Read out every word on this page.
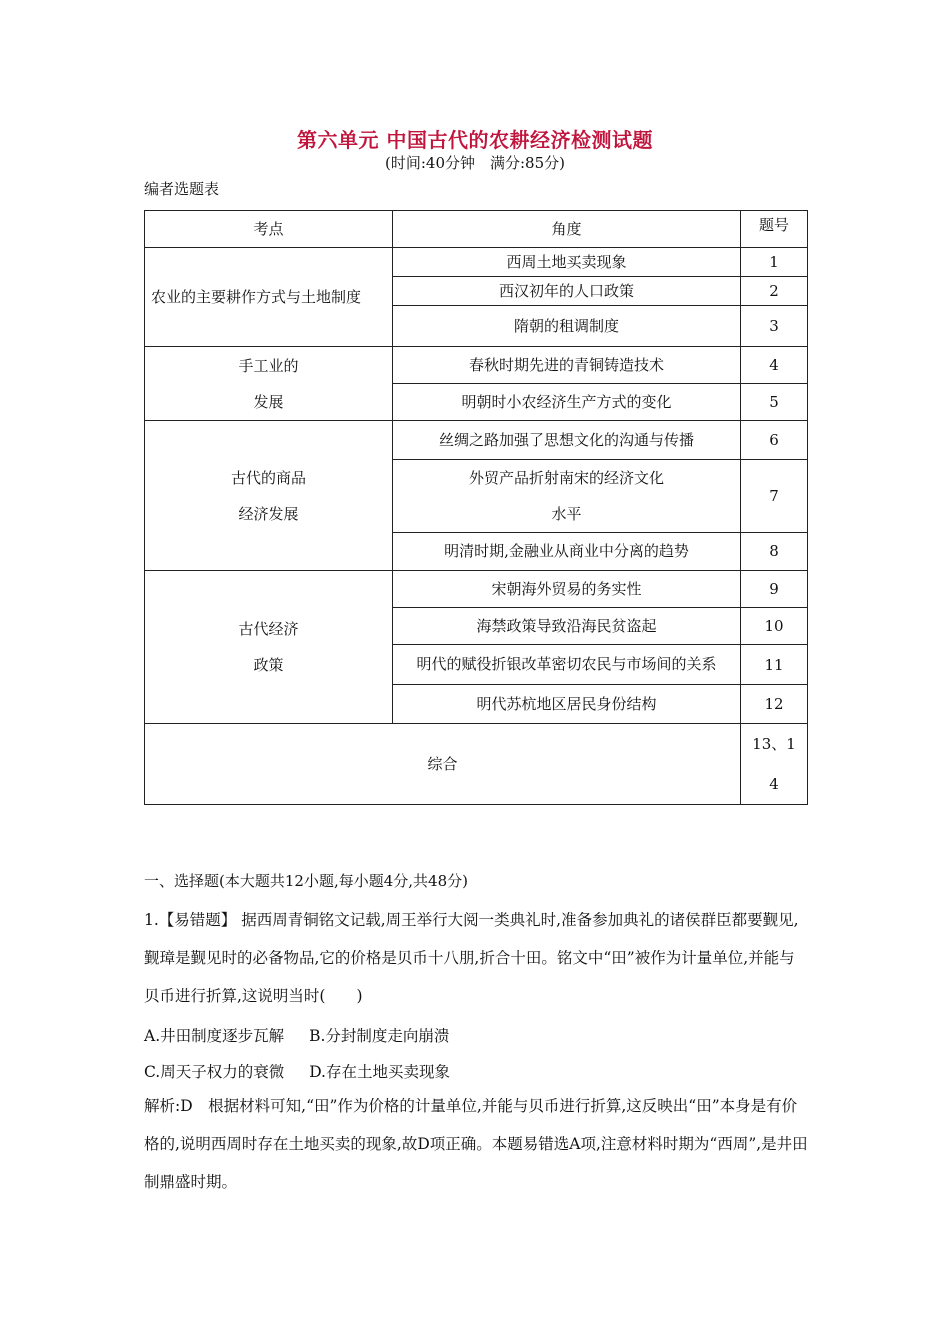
第六单元 中国古代的农耕经济检测试题
(时间:40分钟　满分:85分)
编者选题表
考点	角度	题号
农业的主要耕作方式与土地制度	西周土地买卖现象	1
	西汉初年的人口政策	2
	隋朝的租调制度	3
手工业的
发展	春秋时期先进的青铜铸造技术	4
	明朝时小农经济生产方式的变化	5
古代的商品
经济发展	丝绸之路加强了思想文化的沟通与传播	6
	外贸产品折射南宋的经济文化
水平	7
	明清时期,金融业从商业中分离的趋势	8
古代经济
政策	宋朝海外贸易的务实性	9
	海禁政策导致沿海民贫盗起	10
	明代的赋役折银改革密切农民与市场间的关系	11
	明代苏杭地区居民身份结构	12
综合		13、14
一、选择题(本大题共12小题,每小题4分,共48分)
1.【易错题】 据西周青铜铭文记载,周王举行大阅一类典礼时,准备参加典礼的诸侯群臣都要觐见,觐璋是觐见时的必备物品,它的价格是贝币十八朋,折合十田。铭文中“田”被作为计量单位,并能与贝币进行折算,这说明当时(　　)
A.井田制度逐步瓦解 B.分封制度走向崩溃
C.周天子权力的衰微 D.存在土地买卖现象
解析:D　根据材料可知,“田”作为价格的计量单位,并能与贝币进行折算,这反映出“田”本身是有价格的,说明西周时存在土地买卖的现象,故D项正确。本题易错选A项,注意材料时期为“西周”,是井田制鼎盛时期。
